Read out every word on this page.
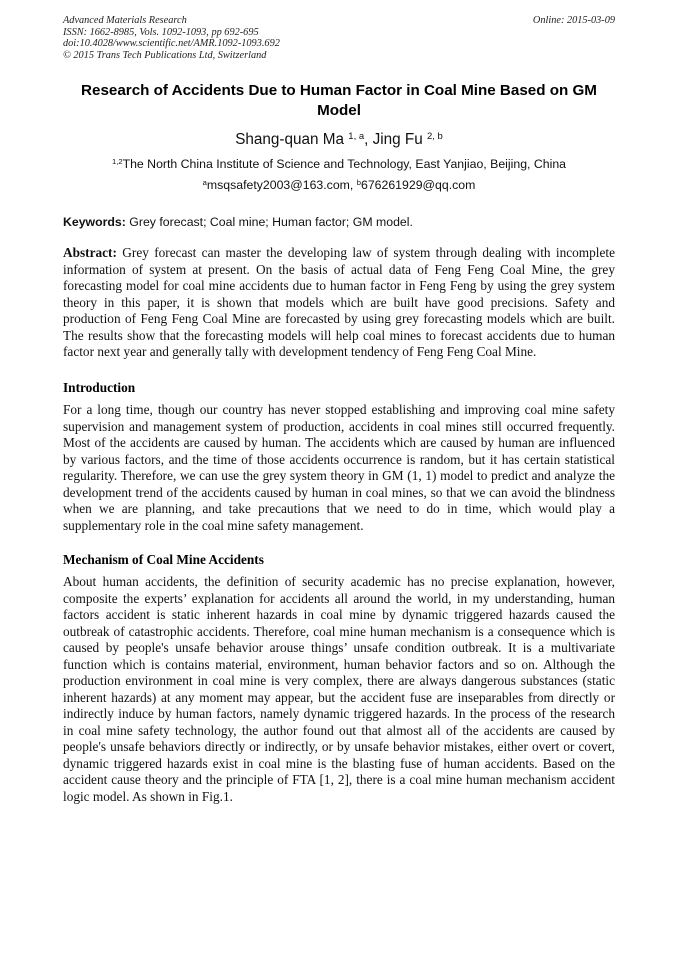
Advanced Materials Research
ISSN: 1662-8985, Vols. 1092-1093, pp 692-695
doi:10.4028/www.scientific.net/AMR.1092-1093.692
© 2015 Trans Tech Publications Ltd, Switzerland
Online: 2015-03-09
Research of Accidents Due to Human Factor in Coal Mine Based on GM
Model
Shang-quan Ma $^{1, a}$, Jing Fu $^{2, b}$
$^{1,2}$The North China Institute of Science and Technology, East Yanjiao, Beijing, China
$^a$msqsafety2003@163.com, $^b$676261929@qq.com
Keywords: Grey forecast; Coal mine; Human factor; GM model.
Abstract: Grey forecast can master the developing law of system through dealing with incomplete
information of system at present. On the basis of actual data of Feng Feng Coal Mine, the grey
forecasting model for coal mine accidents due to human factor in Feng Feng by using the grey system
theory in this paper, it is shown that models which are built have good precisions. Safety and
production of Feng Feng Coal Mine are forecasted by using grey forecasting models which are built.
The results show that the forecasting models will help coal mines to forecast accidents due to human
factor next year and generally tally with development tendency of Feng Feng Coal Mine.
Introduction
For a long time, though our country has never stopped establishing and improving coal mine safety
supervision and management system of production, accidents in coal mines still occurred frequently.
Most of the accidents are caused by human. The accidents which are caused by human are influenced
by various factors, and the time of those accidents occurrence is random, but it has certain statistical
regularity. Therefore, we can use the grey system theory in GM (1, 1) model to predict and analyze the
development trend of the accidents caused by human in coal mines, so that we can avoid the blindness
when we are planning, and take precautions that we need to do in time, which would play a
supplementary role in the coal mine safety management.
Mechanism of Coal Mine Accidents
About human accidents, the definition of security academic has no precise explanation, however,
composite the experts’ explanation for accidents all around the world, in my understanding, human
factors accident is static inherent hazards in coal mine by dynamic triggered hazards caused the
outbreak of catastrophic accidents. Therefore, coal mine human mechanism is a consequence which is
caused by people's unsafe behavior arouse things’ unsafe condition outbreak. It is a multivariate
function which is contains material, environment, human behavior factors and so on. Although the
production environment in coal mine is very complex, there are always dangerous substances (static
inherent hazards) at any moment may appear, but the accident fuse are inseparables from directly or
indirectly induce by human factors, namely dynamic triggered hazards. In the process of the research
in coal mine safety technology, the author found out that almost all of the accidents are caused by
people's unsafe behaviors directly or indirectly, or by unsafe behavior mistakes, either overt or covert,
dynamic triggered hazards exist in coal mine is the blasting fuse of human accidents. Based on the
accident cause theory and the principle of FTA [1, 2], there is a coal mine human mechanism accident
logic model. As shown in Fig.1.
